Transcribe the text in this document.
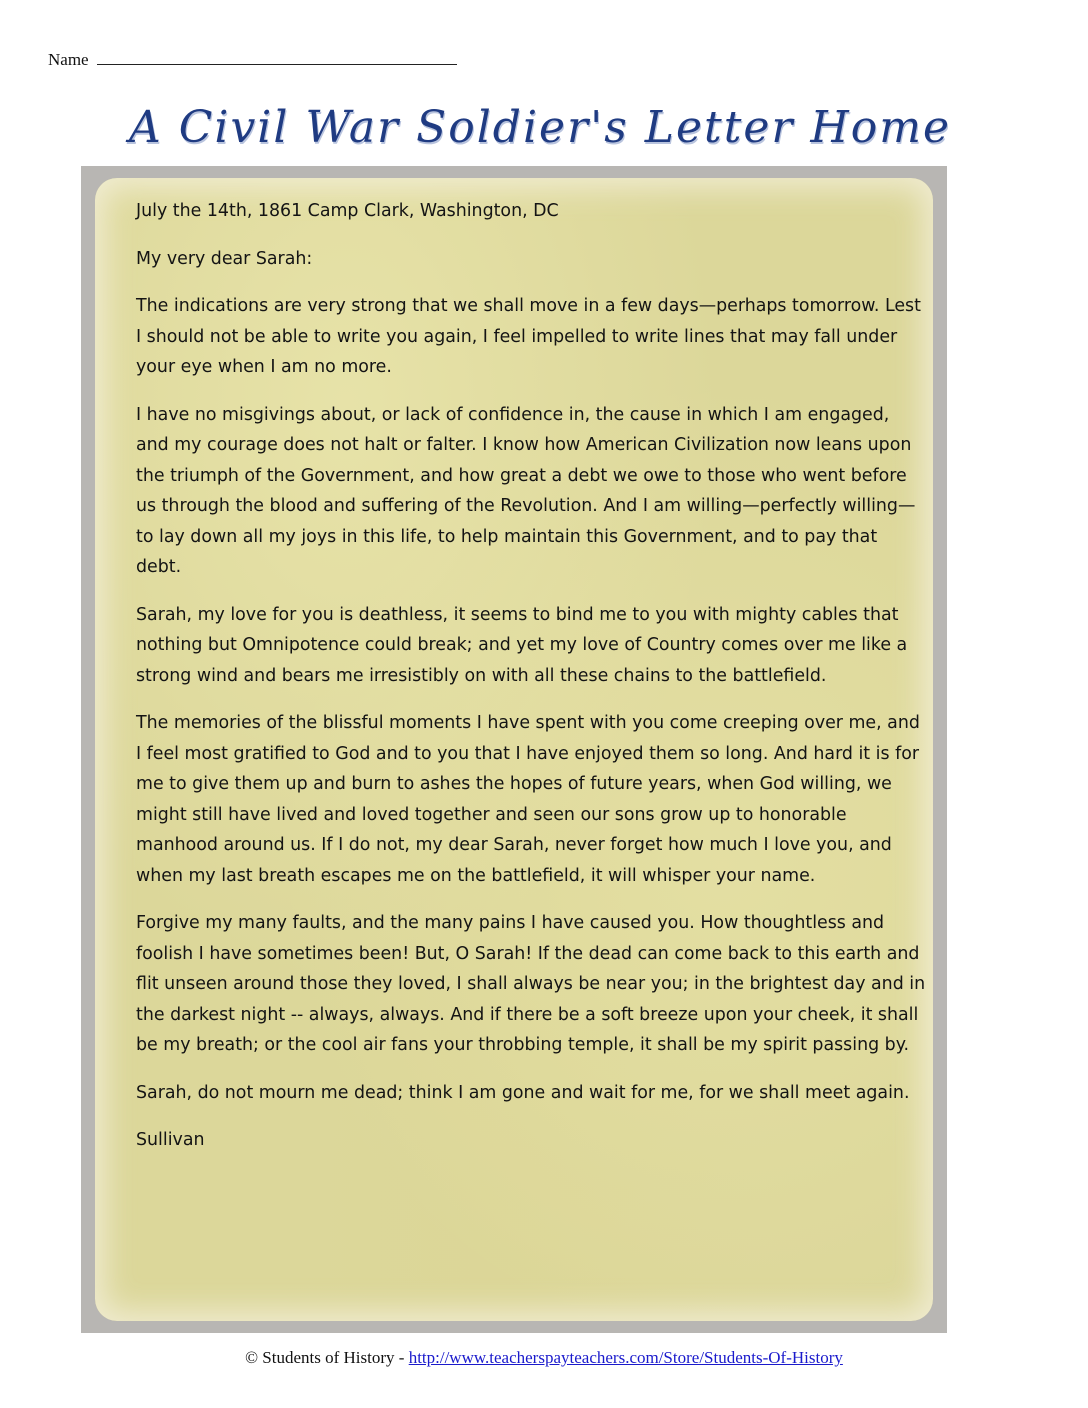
Name
A Civil War Soldier's Letter Home

July the 14th, 1861 Camp Clark, Washington, DC

My very dear Sarah:

The indications are very strong that we shall move in a few days—perhaps tomorrow. Lest I should not be able to write you again, I feel impelled to write lines that may fall under your eye when I am no more.

I have no misgivings about, or lack of confidence in, the cause in which I am engaged, and my courage does not halt or falter. I know how American Civilization now leans upon the triumph of the Government, and how great a debt we owe to those who went before us through the blood and suffering of the Revolution. And I am willing—perfectly willing—to lay down all my joys in this life, to help maintain this Government, and to pay that debt.

Sarah, my love for you is deathless, it seems to bind me to you with mighty cables that nothing but Omnipotence could break; and yet my love of Country comes over me like a strong wind and bears me irresistibly on with all these chains to the battlefield.

The memories of the blissful moments I have spent with you come creeping over me, and I feel most gratified to God and to you that I have enjoyed them so long. And hard it is for me to give them up and burn to ashes the hopes of future years, when God willing, we might still have lived and loved together and seen our sons grow up to honorable manhood around us. If I do not, my dear Sarah, never forget how much I love you, and when my last breath escapes me on the battlefield, it will whisper your name.

Forgive my many faults, and the many pains I have caused you. How thoughtless and foolish I have sometimes been! But, O Sarah! If the dead can come back to this earth and flit unseen around those they loved, I shall always be near you; in the brightest day and in the darkest night -- always, always. And if there be a soft breeze upon your cheek, it shall be my breath; or the cool air fans your throbbing temple, it shall be my spirit passing by.

Sarah, do not mourn me dead; think I am gone and wait for me, for we shall meet again.

Sullivan

© Students of History - http://www.teacherspayteachers.com/Store/Students-Of-History
